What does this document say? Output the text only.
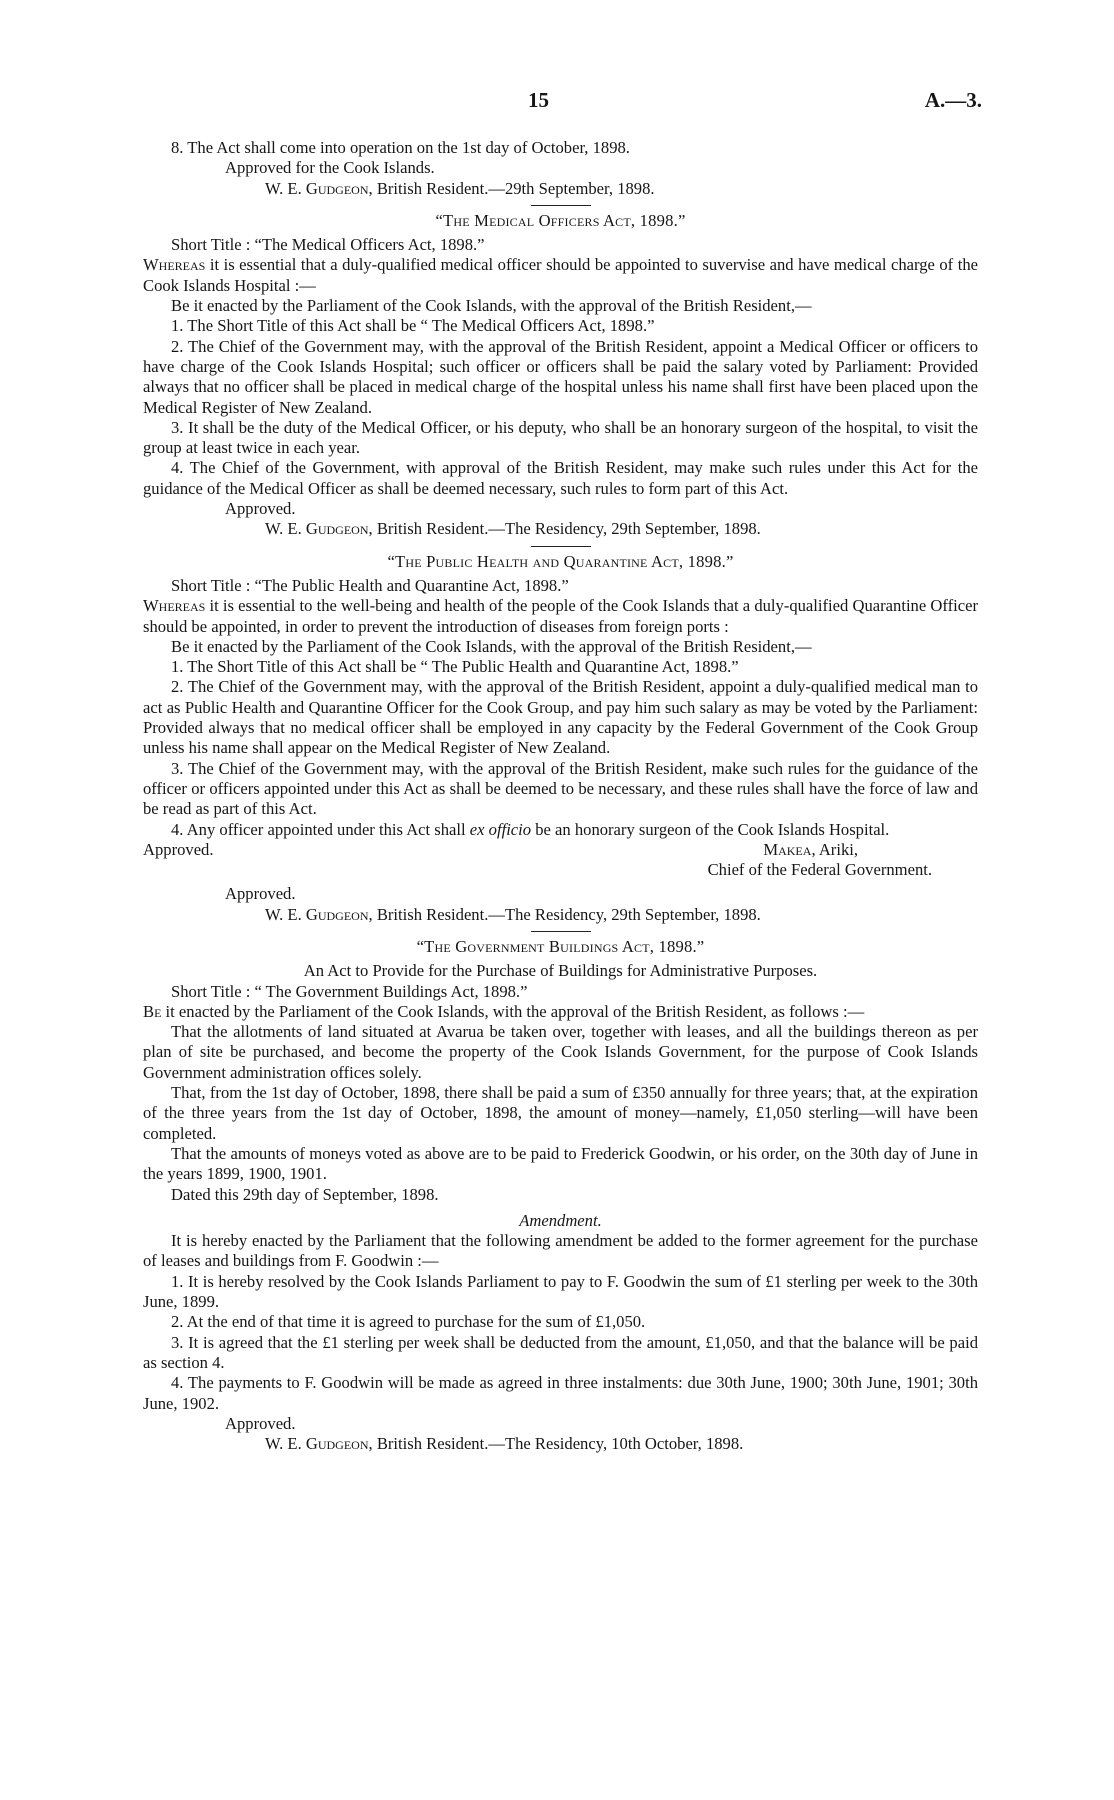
15	A.—3.

8. The Act shall come into operation on the 1st day of October, 1898.

Approved for the Cook Islands.

W. E. Gudgeon, British Resident.—29th September, 1898.

“The Medical Officers Act, 1898.”

Short Title : “The Medical Officers Act, 1898.”

Whereas it is essential that a duly-qualified medical officer should be appointed to suvervise and have medical charge of the Cook Islands Hospital :—

Be it enacted by the Parliament of the Cook Islands, with the approval of the British Resident,—

1. The Short Title of this Act shall be “ The Medical Officers Act, 1898.”

2. The Chief of the Government may, with the approval of the British Resident, appoint a Medical Officer or officers to have charge of the Cook Islands Hospital; such officer or officers shall be paid the salary voted by Parliament: Provided always that no officer shall be placed in medical charge of the hospital unless his name shall first have been placed upon the Medical Register of New Zealand.

3. It shall be the duty of the Medical Officer, or his deputy, who shall be an honorary surgeon of the hospital, to visit the group at least twice in each year.

4. The Chief of the Government, with approval of the British Resident, may make such rules under this Act for the guidance of the Medical Officer as shall be deemed necessary, such rules to form part of this Act.

Approved.

W. E. Gudgeon, British Resident.—The Residency, 29th September, 1898.

“The Public Health and Quarantine Act, 1898.”

Short Title : “The Public Health and Quarantine Act, 1898.”

Whereas it is essential to the well-being and health of the people of the Cook Islands that a duly-qualified Quarantine Officer should be appointed, in order to prevent the introduction of diseases from foreign ports :

Be it enacted by the Parliament of the Cook Islands, with the approval of the British Resident,—

1. The Short Title of this Act shall be “ The Public Health and Quarantine Act, 1898.”

2. The Chief of the Government may, with the approval of the British Resident, appoint a duly-qualified medical man to act as Public Health and Quarantine Officer for the Cook Group, and pay him such salary as may be voted by the Parliament: Provided always that no medical officer shall be employed in any capacity by the Federal Government of the Cook Group unless his name shall appear on the Medical Register of New Zealand.

3. The Chief of the Government may, with the approval of the British Resident, make such rules for the guidance of the officer or officers appointed under this Act as shall be deemed to be necessary, and these rules shall have the force of law and be read as part of this Act.

4. Any officer appointed under this Act shall ex officio be an honorary surgeon of the Cook Islands Hospital.

Approved.	Makea, Ariki,

Chief of the Federal Government.

Approved.

W. E. Gudgeon, British Resident.—The Residency, 29th September, 1898.

“The Government Buildings Act, 1898.”

An Act to Provide for the Purchase of Buildings for Administrative Purposes.

Short Title : “ The Government Buildings Act, 1898.”

Be it enacted by the Parliament of the Cook Islands, with the approval of the British Resident, as follows :—

That the allotments of land situated at Avarua be taken over, together with leases, and all the buildings thereon as per plan of site be purchased, and become the property of the Cook Islands Government, for the purpose of Cook Islands Government administration offices solely.

That, from the 1st day of October, 1898, there shall be paid a sum of £350 annually for three years; that, at the expiration of the three years from the 1st day of October, 1898, the amount of money—namely, £1,050 sterling—will have been completed.

That the amounts of moneys voted as above are to be paid to Frederick Goodwin, or his order, on the 30th day of June in the years 1899, 1900, 1901.

Dated this 29th day of September, 1898.

Amendment.

It is hereby enacted by the Parliament that the following amendment be added to the former agreement for the purchase of leases and buildings from F. Goodwin :—

1. It is hereby resolved by the Cook Islands Parliament to pay to F. Goodwin the sum of £1 sterling per week to the 30th June, 1899.

2. At the end of that time it is agreed to purchase for the sum of £1,050.

3. It is agreed that the £1 sterling per week shall be deducted from the amount, £1,050, and that the balance will be paid as section 4.

4. The payments to F. Goodwin will be made as agreed in three instalments: due 30th June, 1900; 30th June, 1901; 30th June, 1902.

Approved.

W. E. Gudgeon, British Resident.—The Residency, 10th October, 1898.
